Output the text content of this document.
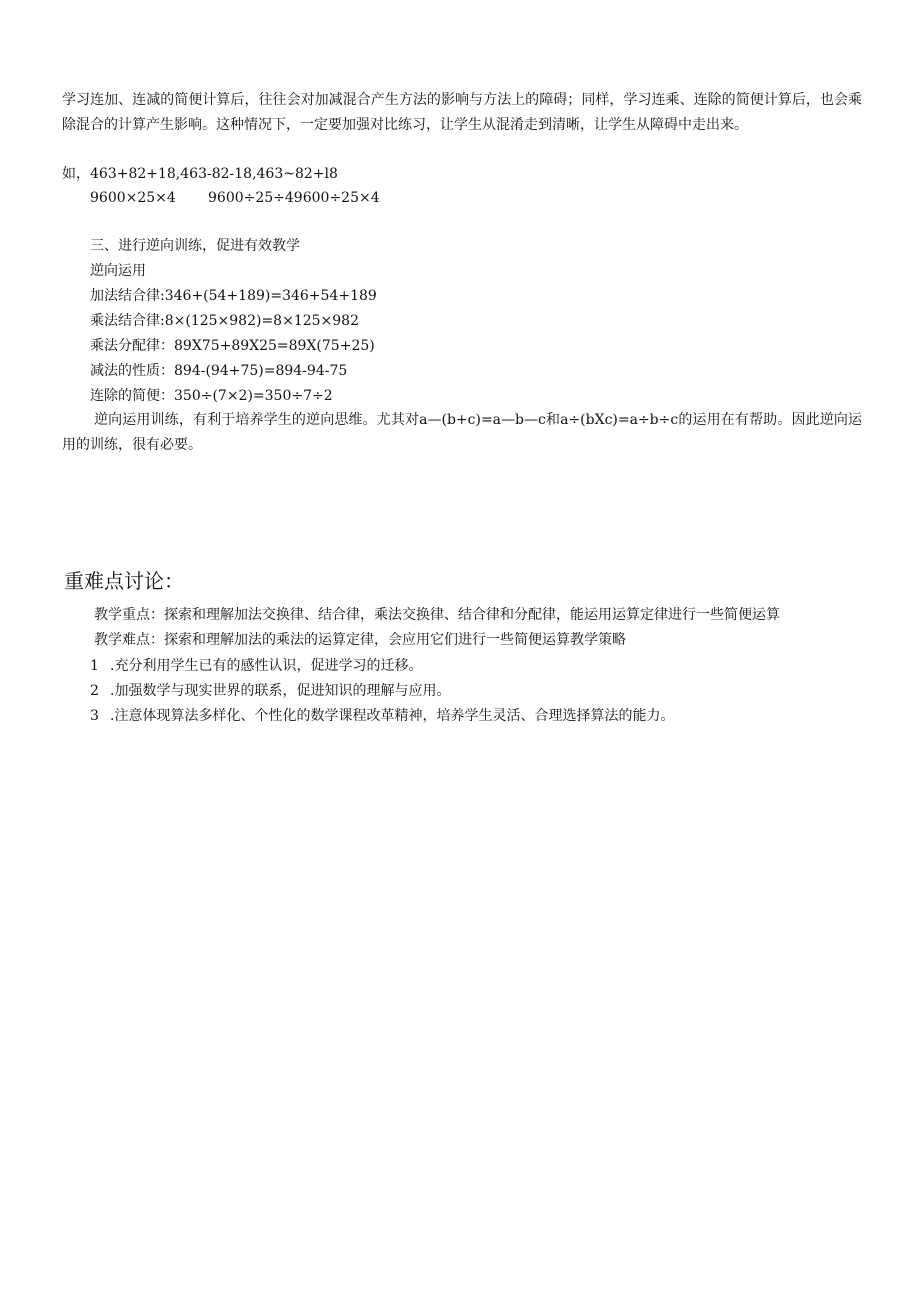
学习连加、连减的简便计算后，往往会对加减混合产生方法的影响与方法上的障碍；同样，学习连乘、连除的简便计算后，也会乘除混合的计算产生影响。这种情况下，一定要加强对比练习，让学生从混淆走到清晰，让学生从障碍中走出来。

如，463+82+18,463-82-18,463~82+l8

9600×25×4 9600÷25÷49600÷25×4

三、进行逆向训练，促进有效教学

逆向运用

加法结合律:346+(54+189)=346+54+189

乘法结合律:8×(125×982)=8×125×982

乘法分配律：89X75+89X25=89X(75+25)

减法的性质：894-(94+75)=894-94-75

连除的简便：350÷(7×2)=350÷7÷2

逆向运用训练，有利于培养学生的逆向思维。尤其对a—(b+c)=a—b—c和a÷(bXc)=a÷b÷c的运用在有帮助。因此逆向运用的训练，很有必要。

重难点讨论：

教学重点：探索和理解加法交换律、结合律，乘法交换律、结合律和分配律，能运用运算定律进行一些简便运算

教学难点：探索和理解加法的乘法的运算定律，会应用它们进行一些简便运算教学策略

1 .充分利用学生已有的感性认识，促进学习的迁移。
2 .加强数学与现实世界的联系，促进知识的理解与应用。
3 .注意体现算法多样化、个性化的数学课程改革精神，培养学生灵活、合理选择算法的能力。
